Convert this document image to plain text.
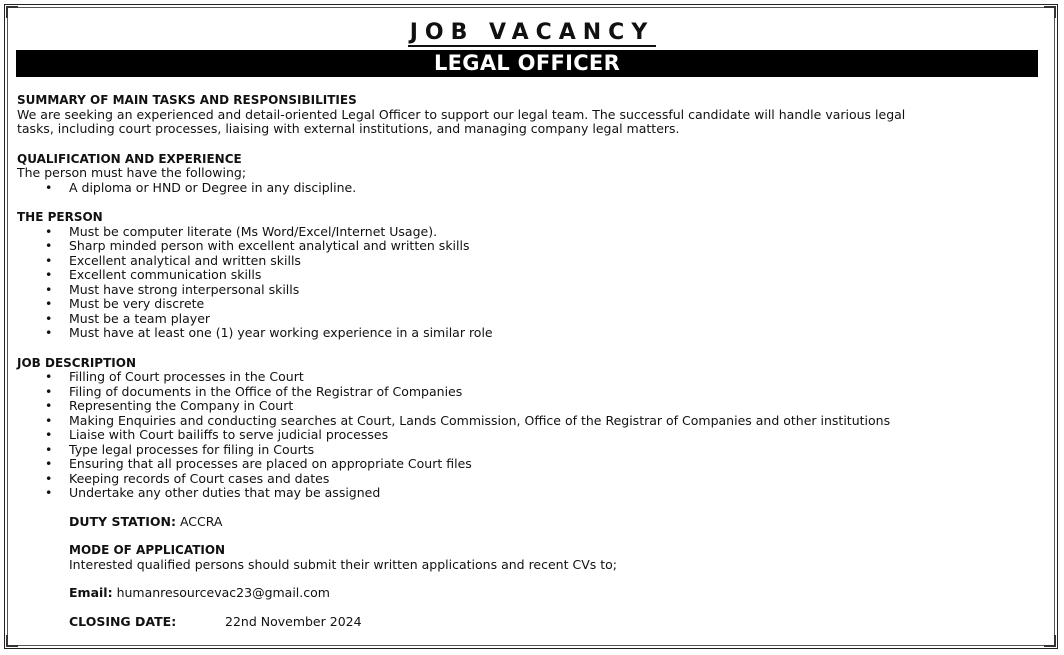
JOB VACANCY
LEGAL OFFICER
SUMMARY OF MAIN TASKS AND RESPONSIBILITIES

We are seeking an experienced and detail-oriented Legal Officer to support our legal team. The successful candidate will handle various legal

tasks, including court processes, liaising with external institutions, and managing company legal matters.

QUALIFICATION AND EXPERIENCE

The person must have the following;

• A diploma or HND or Degree in any discipline.
THE PERSON
• Must be computer literate (Ms Word/Excel/Internet Usage).
• Sharp minded person with excellent analytical and written skills
• Excellent analytical and written skills
• Excellent communication skills
• Must have strong interpersonal skills
• Must be very discrete
• Must be a team player
• Must have at least one (1) year working experience in a similar role
JOB DESCRIPTION
• Filling of Court processes in the Court
• Filing of documents in the Office of the Registrar of Companies
• Representing the Company in Court
• Making Enquiries and conducting searches at Court, Lands Commission, Office of the Registrar of Companies and other institutions
• Liaise with Court bailiffs to serve judicial processes
• Type legal processes for filing in Courts
• Ensuring that all processes are placed on appropriate Court files
• Keeping records of Court cases and dates
• Undertake any other duties that may be assigned
DUTY STATION: ACCRA
MODE OF APPLICATION

Interested qualified persons should submit their written applications and recent CVs to;

Email: humanresourcevac23@gmail.com
CLOSING DATE:	22nd November 2024
